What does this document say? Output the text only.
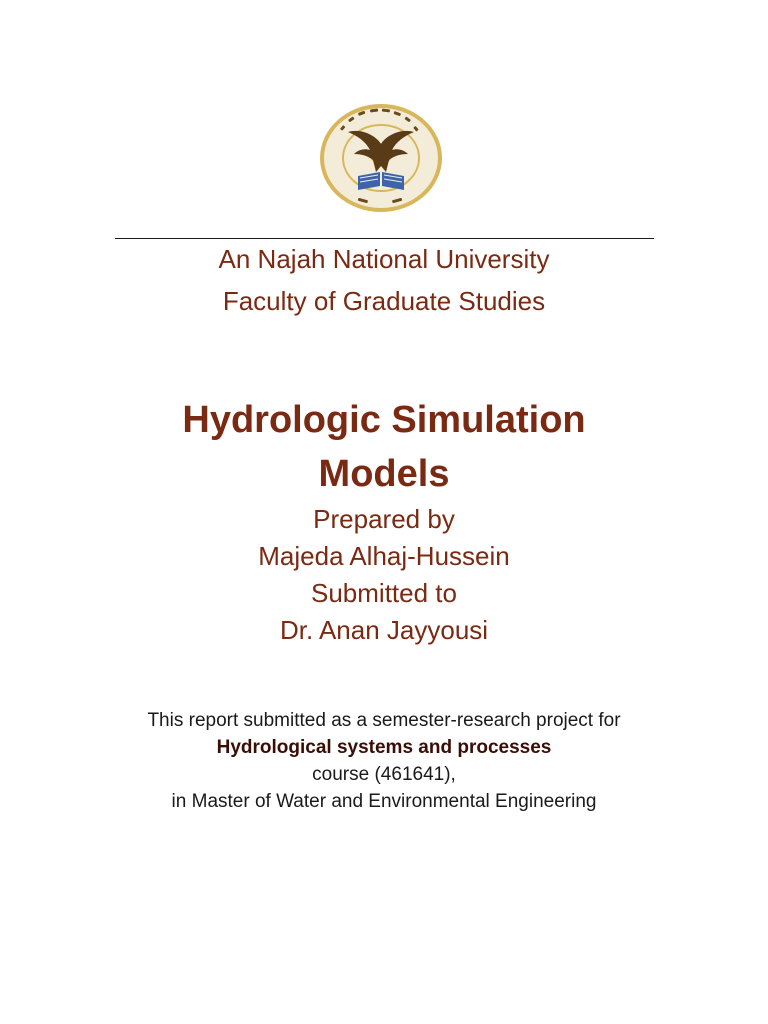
An Najah National University
Faculty of Graduate Studies
Hydrologic Simulation
Models
Prepared by
Majeda Alhaj-Hussein
Submitted to
Dr. Anan Jayyousi
This report submitted as a semester-research project for
Hydrological systems and processes
course (461641),
in Master of Water and Environmental Engineering
